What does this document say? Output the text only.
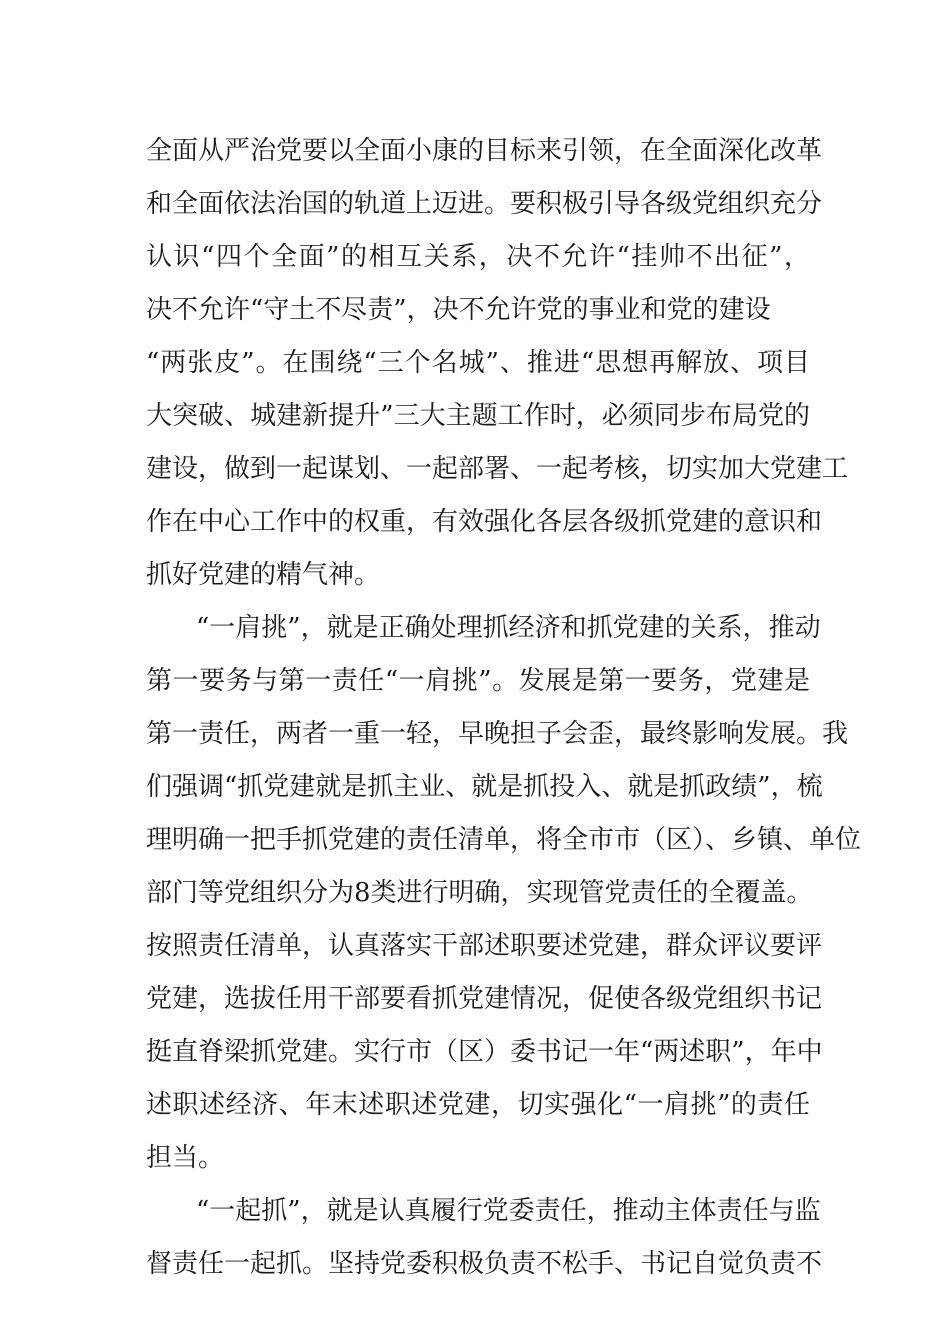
全面从严治党要以全面小康的目标来引领，在全面深化改革
和全面依法治国的轨道上迈进。要积极引导各级党组织充分
认识“四个全面”的相互关系，决不允许“挂帅不出征”，
决不允许“守土不尽责”，决不允许党的事业和党的建设
“两张皮”。在围绕“三个名城”、推进“思想再解放、项目
大突破、城建新提升”三大主题工作时，必须同步布局党的
建设，做到一起谋划、一起部署、一起考核，切实加大党建工
作在中心工作中的权重，有效强化各层各级抓党建的意识和
抓好党建的精气神。
“一肩挑”，就是正确处理抓经济和抓党建的关系，推动
第一要务与第一责任“一肩挑”。发展是第一要务，党建是
第一责任，两者一重一轻，早晚担子会歪，最终影响发展。我
们强调“抓党建就是抓主业、就是抓投入、就是抓政绩”，梳
理明确一把手抓党建的责任清单，将全市市（区）、乡镇、单位
部门等党组织分为8类进行明确，实现管党责任的全覆盖。
按照责任清单，认真落实干部述职要述党建，群众评议要评
党建，选拔任用干部要看抓党建情况，促使各级党组织书记
挺直脊梁抓党建。实行市（区）委书记一年“两述职”，年中
述职述经济、年末述职述党建，切实强化“一肩挑”的责任
担当。
“一起抓”，就是认真履行党委责任，推动主体责任与监
督责任一起抓。坚持党委积极负责不松手、书记自觉负责不
